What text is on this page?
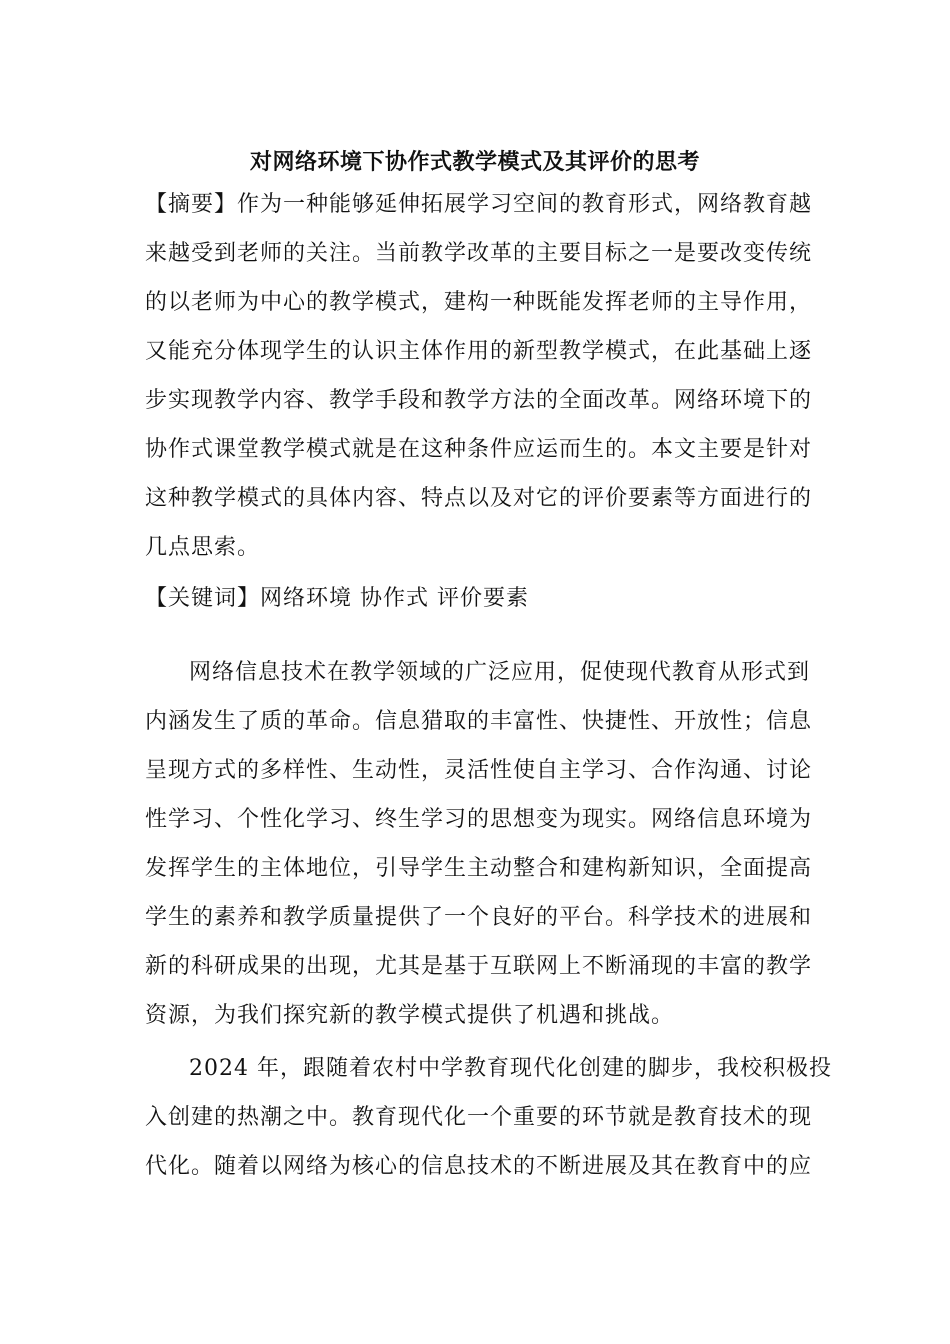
对网络环境下协作式教学模式及其评价的思考
【摘要】作为一种能够延伸拓展学习空间的教育形式，网络教育越
来越受到老师的关注。当前教学改革的主要目标之一是要改变传统
的以老师为中心的教学模式，建构一种既能发挥老师的主导作用，
又能充分体现学生的认识主体作用的新型教学模式，在此基础上逐
步实现教学内容、教学手段和教学方法的全面改革。网络环境下的
协作式课堂教学模式就是在这种条件应运而生的。本文主要是针对
这种教学模式的具体内容、特点以及对它的评价要素等方面进行的
几点思索。
【关键词】网络环境 协作式 评价要素
网络信息技术在教学领域的广泛应用，促使现代教育从形式到
内涵发生了质的革命。信息猎取的丰富性、快捷性、开放性；信息
呈现方式的多样性、生动性，灵活性使自主学习、合作沟通、讨论
性学习、个性化学习、终生学习的思想变为现实。网络信息环境为
发挥学生的主体地位，引导学生主动整合和建构新知识，全面提高
学生的素养和教学质量提供了一个良好的平台。科学技术的进展和
新的科研成果的出现，尤其是基于互联网上不断涌现的丰富的教学
资源，为我们探究新的教学模式提供了机遇和挑战。
2024 年，跟随着农村中学教育现代化创建的脚步，我校积极投
入创建的热潮之中。教育现代化一个重要的环节就是教育技术的现
代化。随着以网络为核心的信息技术的不断进展及其在教育中的应
